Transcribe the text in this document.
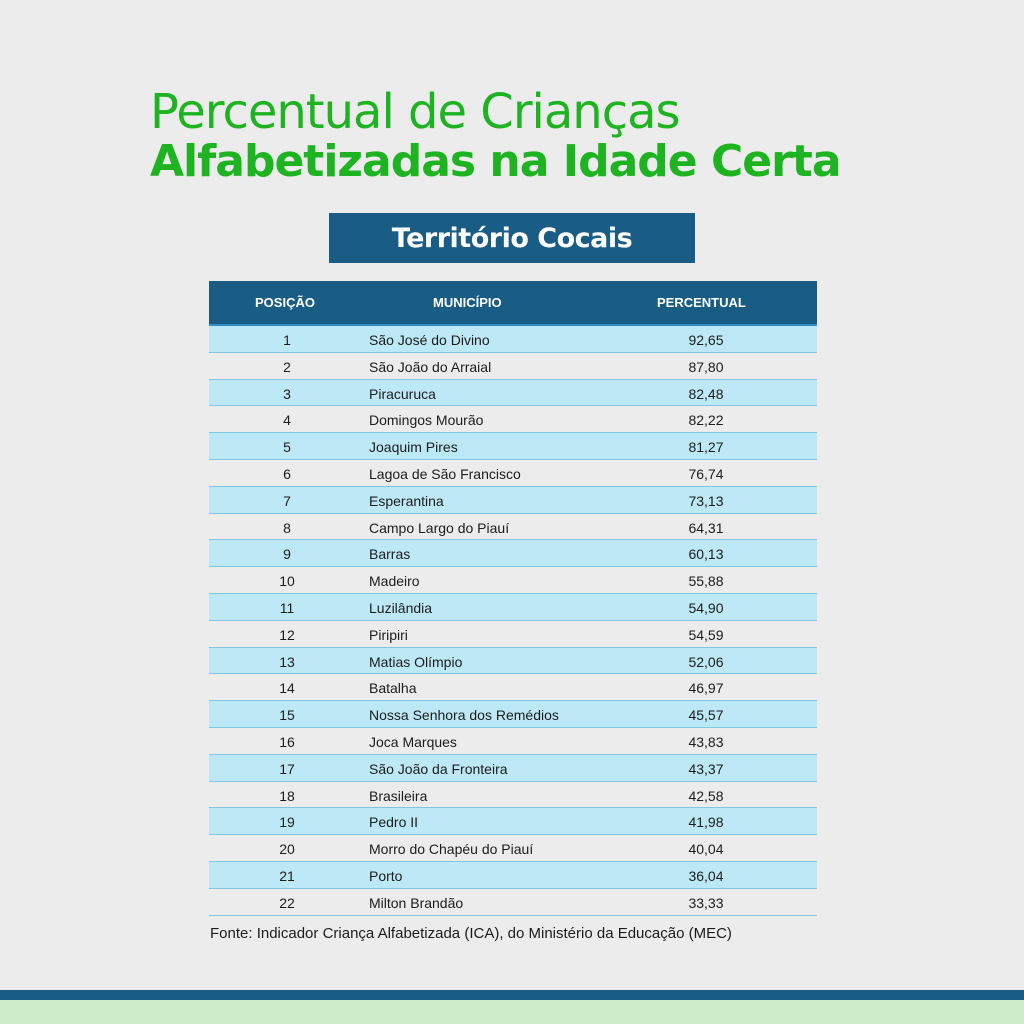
Percentual de Crianças
Alfabetizadas na Idade Certa
Território Cocais
POSIÇÃO	MUNICÍPIO	PERCENTUAL
1	São José do Divino	92,65
2	São João do Arraial	87,80
3	Piracuruca	82,48
4	Domingos Mourão	82,22
5	Joaquim Pires	81,27
6	Lagoa de São Francisco	76,74
7	Esperantina	73,13
8	Campo Largo do Piauí	64,31
9	Barras	60,13
10	Madeiro	55,88
11	Luzilândia	54,90
12	Piripiri	54,59
13	Matias Olímpio	52,06
14	Batalha	46,97
15	Nossa Senhora dos Remédios	45,57
16	Joca Marques	43,83
17	São João da Fronteira	43,37
18	Brasileira	42,58
19	Pedro II	41,98
20	Morro do Chapéu do Piauí	40,04
21	Porto	36,04
22	Milton Brandão	33,33
Fonte: Indicador Criança Alfabetizada (ICA), do Ministério da Educação (MEC)
